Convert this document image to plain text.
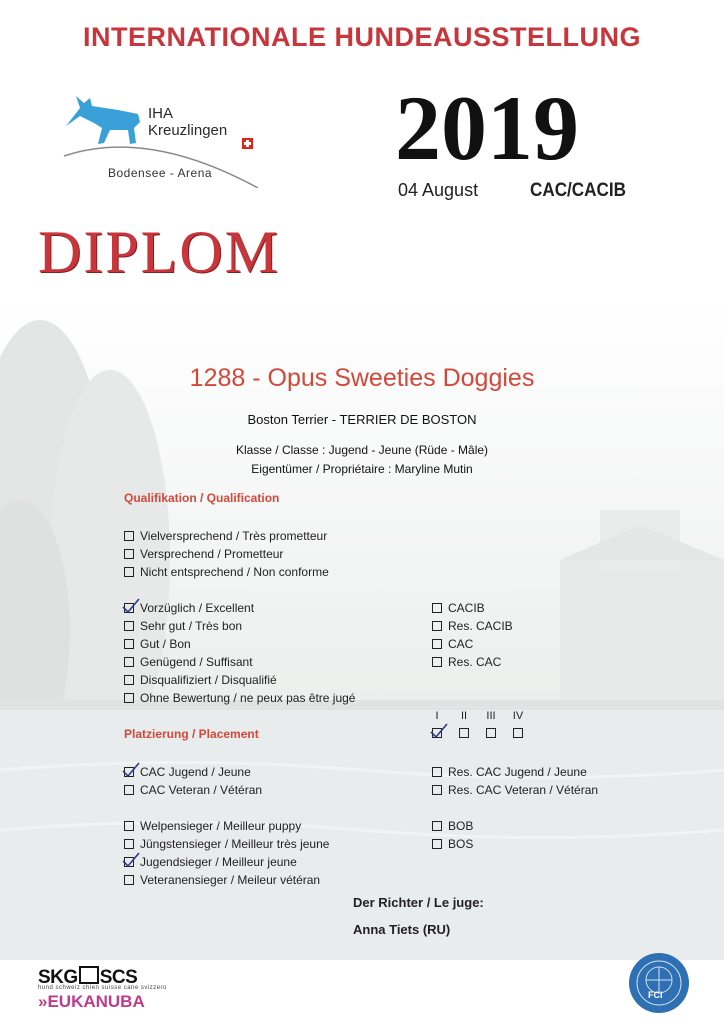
INTERNATIONALE HUNDEAUSSTELLUNG
IHA
Kreuzlingen
Bodensee - Arena 2019
04 August	CAC/CACIB
DIPLOM
1288 - Opus Sweeties Doggies
Boston Terrier - TERRIER DE BOSTON
Klasse / Classe : Jugend - Jeune (Rüde - Mâle)
Eigentümer / Propriétaire : Maryline Mutin
Qualifikation / Qualification
Vielversprechend / Très prometteur
Versprechend / Prometteur
Nicht entsprechend / Non conforme
Vorzüglich / Excellent
Sehr gut / Très bon
Gut / Bon
Genügend / Suffisant
Disqualifiziert / Disqualifié
Ohne Bewertung / ne peux pas être jugé
CACIB
Res. CACIB
CAC
Res. CAC
Platzierung / Placement
I	II	III IV
CAC Jugend / Jeune
CAC Veteran / Vétéran
Res. CAC Jugend / Jeune
Res. CAC Veteran / Vétéran
Welpensieger / Meilleur puppy
Jüngstensieger / Meilleur très jeune
Jugendsieger / Meilleur jeune
Veteranensieger / Meileur vétéran
BOB
BOS
Der Richter / Le juge:
Anna Tiets (RU)
SKG SCS
hund schweiz chien suisse cane svizzero
»EUKANUBA	FCI
